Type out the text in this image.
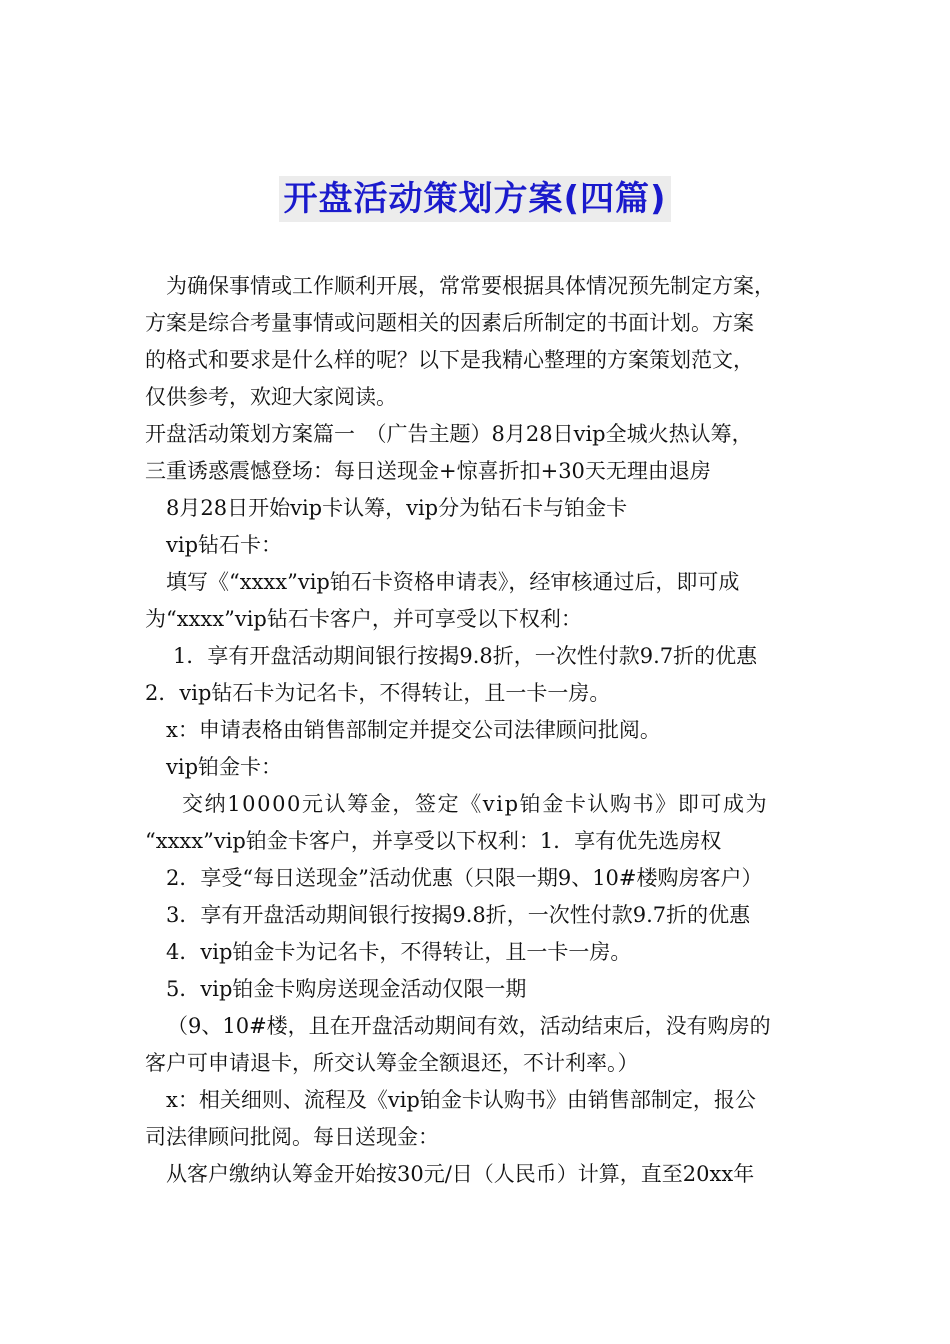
开盘活动策划方案(四篇)
为确保事情或工作顺利开展，常常要根据具体情况预先制定方案，
方案是综合考量事情或问题相关的因素后所制定的书面计划。方案
的格式和要求是什么样的呢？以下是我精心整理的方案策划范文，
仅供参考，欢迎大家阅读。
开盘活动策划方案篇一　（广告主题）8月28日vip全城火热认筹，
三重诱惑震憾登场：每日送现金+惊喜折扣+30天无理由退房
8月28日开始vip卡认筹，vip分为钻石卡与铂金卡
vip钻石卡：
填写《“xxxx”vip铂石卡资格申请表》，经审核通过后，即可成
为“xxxx”vip钻石卡客户，并可享受以下权利：
1．享有开盘活动期间银行按揭9.8折，一次性付款9.7折的优惠
2．vip钻石卡为记名卡，不得转让，且一卡一房。
x：申请表格由销售部制定并提交公司法律顾问批阅。
vip铂金卡：
交纳10000元认筹金，签定《vip铂金卡认购书》即可成为
“xxxx”vip铂金卡客户，并享受以下权利：1．享有优先选房权
2．享受“每日送现金”活动优惠（只限一期9、10#楼购房客户）
3．享有开盘活动期间银行按揭9.8折，一次性付款9.7折的优惠
4．vip铂金卡为记名卡，不得转让，且一卡一房。
5．vip铂金卡购房送现金活动仅限一期
（9、10#楼，且在开盘活动期间有效，活动结束后，没有购房的
客户可申请退卡，所交认筹金全额退还，不计利率。）
x：相关细则、流程及《vip铂金卡认购书》由销售部制定，报公
司法律顾问批阅。每日送现金：
从客户缴纳认筹金开始按30元/日（人民币）计算，直至20xx年
